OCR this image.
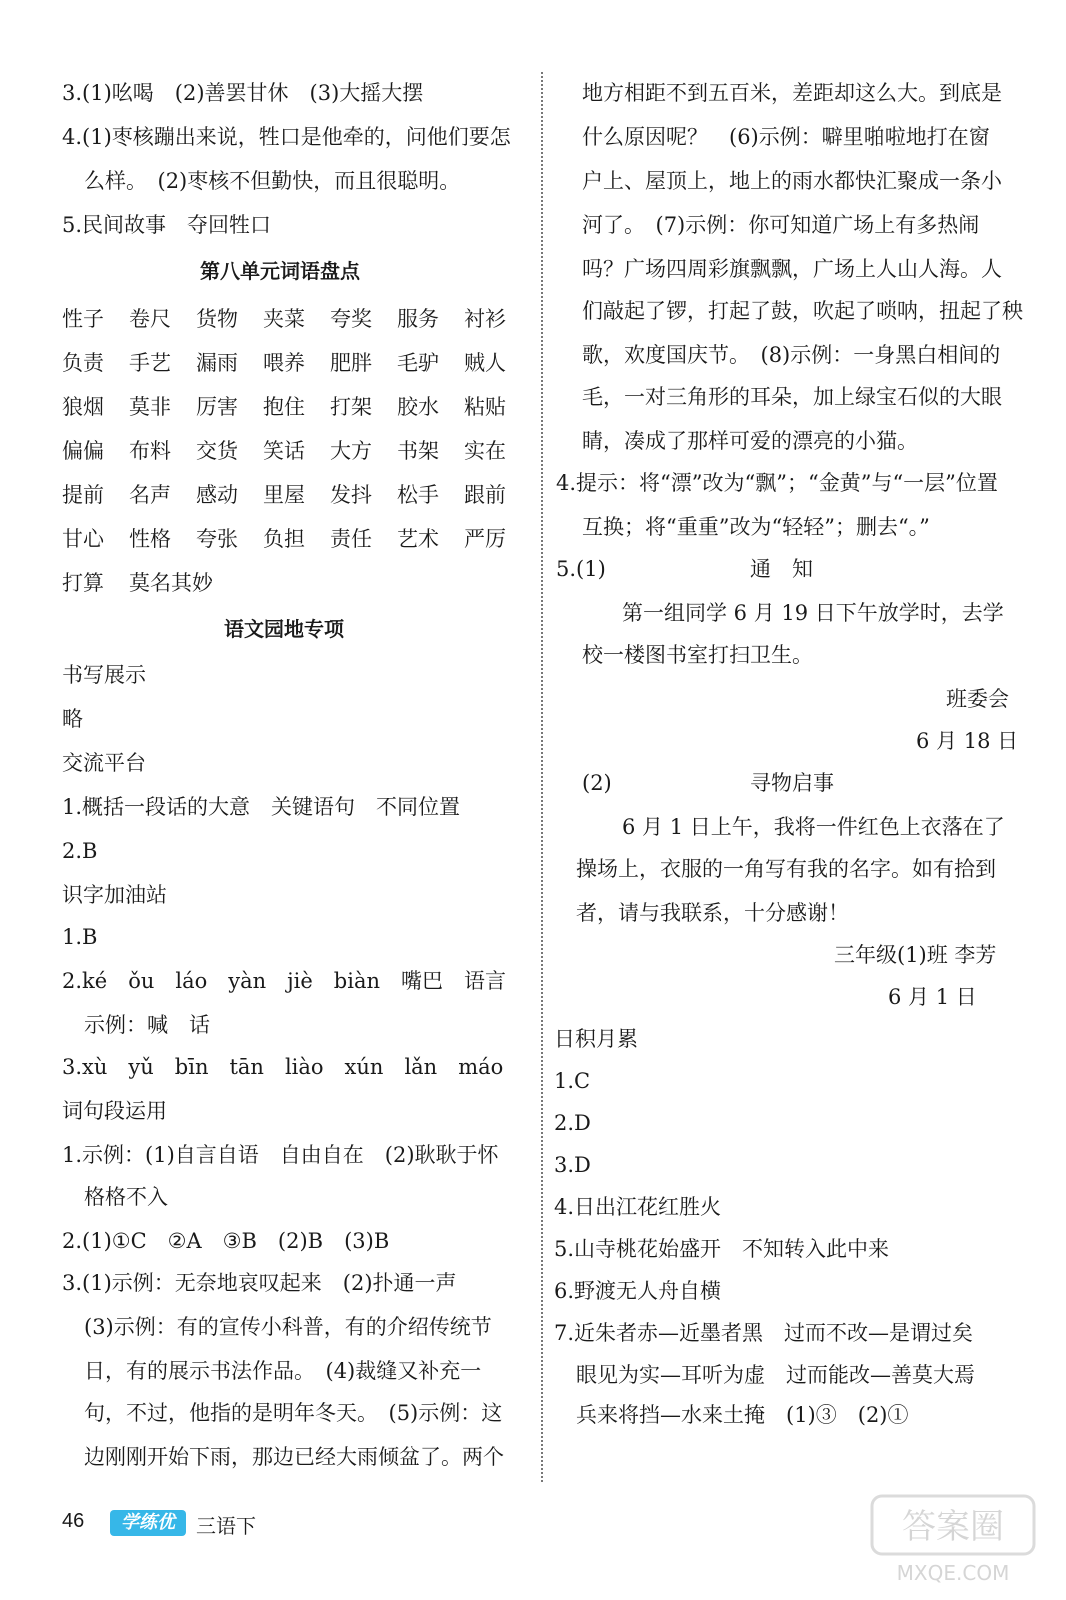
3.(1)吆喝　(2)善罢甘休　(3)大摇大摆
4.(1)枣核蹦出来说，牲口是他牵的，问他们要怎
么样。　(2)枣核不但勤快，而且很聪明。
5.民间故事　夺回牲口
第八单元词语盘点
性子 卷尺 货物 夹菜 夸奖 服务 衬衫
负责 手艺 漏雨 喂养 肥胖 毛驴 贼人
狼烟 莫非 厉害 抱住 打架 胶水 粘贴
偏偏 布料 交货 笑话 大方 书架 实在
提前 名声 感动 里屋 发抖 松手 跟前
甘心 性格 夸张 负担 责任 艺术 严厉
打算 莫名其妙
语文园地专项
书写展示
略
交流平台
1.概括一段话的大意　关键语句　不同位置
2.B
识字加油站
1.B
2.ké　ǒu　láo　yàn　jiè　biàn　嘴巴　语言
示例：喊　话
3.xù　yǔ　bīn　tān　liào　xún　lǎn　máo
词句段运用
1.示例：(1)自言自语　自由自在　(2)耿耿于怀
格格不入
2.(1)①C　②A　③B　(2)B　(3)B
3.(1)示例：无奈地哀叹起来　(2)扑通一声
(3)示例：有的宣传小科普，有的介绍传统节
日，有的展示书法作品。　(4)裁缝又补充一
句，不过，他指的是明年冬天。　(5)示例：这
边刚刚开始下雨，那边已经大雨倾盆了。两个
地方相距不到五百米，差距却这么大。到底是
什么原因呢？　(6)示例：噼里啪啦地打在窗
户上、屋顶上，地上的雨水都快汇聚成一条小
河了。　(7)示例：你可知道广场上有多热闹
吗？广场四周彩旗飘飘，广场上人山人海。人
们敲起了锣，打起了鼓，吹起了唢呐，扭起了秧
歌，欢度国庆节。　(8)示例：一身黑白相间的
毛，一对三角形的耳朵，加上绿宝石似的大眼
睛，凑成了那样可爱的漂亮的小猫。
4.提示：将“漂”改为“飘”；“金黄”与“一层”位置
互换；将“重重”改为“轻轻”；删去“。”
5.(1)	通　知
第一组同学 6 月 19 日下午放学时，去学
校一楼图书室打扫卫生。
班委会
6 月 18 日
(2)	寻物启事
6 月 1 日上午，我将一件红色上衣落在了
操场上，衣服的一角写有我的名字。如有拾到
者，请与我联系，十分感谢！
三年级(1)班 李芳
6 月 1 日
日积月累
1.C
2.D
3.D
4.日出江花红胜火
5.山寺桃花始盛开　不知转入此中来
6.野渡无人舟自横
7.近朱者赤—近墨者黑　过而不改—是谓过矣
眼见为实—耳听为虚　过而能改—善莫大焉
兵来将挡—水来土掩　(1)③　(2)①
46	学练优	三语下	答案圈
MXQE.COM
